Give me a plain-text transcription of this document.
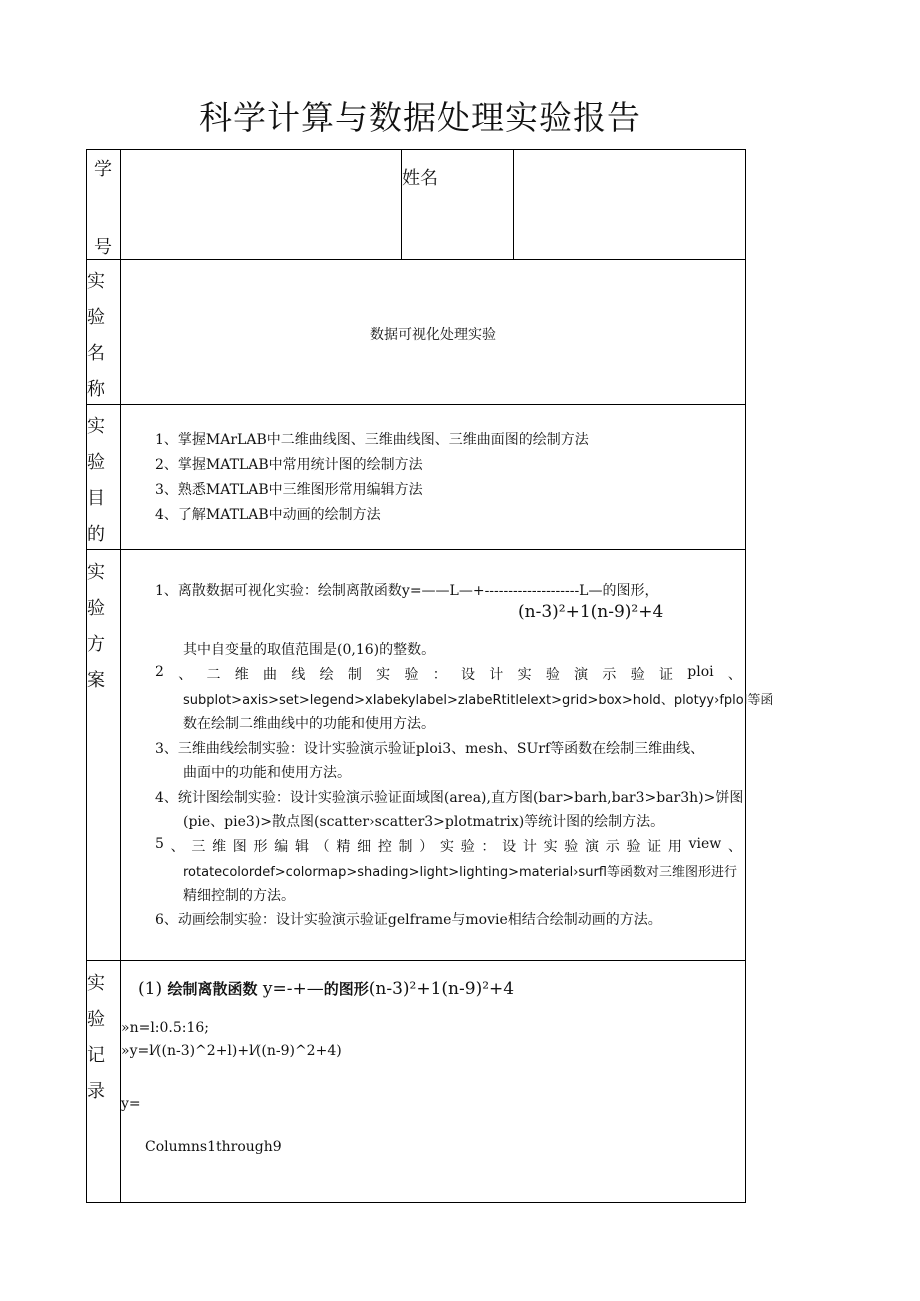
科学计算与数据处理实验报告
学
号
姓名
实
验
名
称
数据可视化处理实验
实
验
目
的
1、掌握MArLAB中二维曲线图、三维曲线图、三维曲面图的绘制方法
2、掌握MATLAB中常用统计图的绘制方法
3、熟悉MATLAB中三维图形常用编辑方法
4、了解MATLAB中动画的绘制方法
实
验
方
案
1、离散数据可视化实验：绘制离散函数y=——L—+--------------------L—的图形，
(n-3)²+1(n-9)²+4
其中自变量的取值范围是(0,16)的整数。
2 、 二 维 曲 线 绘 制 实 验 ： 设 计 实 验 演 示 验 证 ploi 、
subplot>axis>set>legend>xIabekylabel>zlabeRtitlelext>grid>box>hold、plotyy›fplol等函
数在绘制二维曲线中的功能和使用方法。
3、三维曲线绘制实验：设计实验演示验证ploi3、mesh、SUrf等函数在绘制三维曲线、
曲面中的功能和使用方法。
4、统计图绘制实验：设计实验演示验证面域图(area),直方图(bar>barh,bar3>bar3h)>饼图
(pie、pie3)>散点图(scatter›scatter3>plotmatrix)等统计图的绘制方法。
5 、 三 维 图 形 编 辑 （ 精 细 控 制 ） 实 验 ： 设 计 实 验 演 示 验 证 用 view 、
rotatecolordef>colormap>shading>light>lighting>material›surfl等函数对三维图形进行
精细控制的方法。
6、动画绘制实验：设计实验演示验证gelframe与movie相结合绘制动画的方法。
实
验
记
录
(1) 绘制离散函数 y=-+—的图形(n-3)²+1(n-9)²+4
»n=l:0.5:16;
»y=l⁄((n-3)^2+l)+l⁄((n-9)^2+4)
y=
Columns1through9
